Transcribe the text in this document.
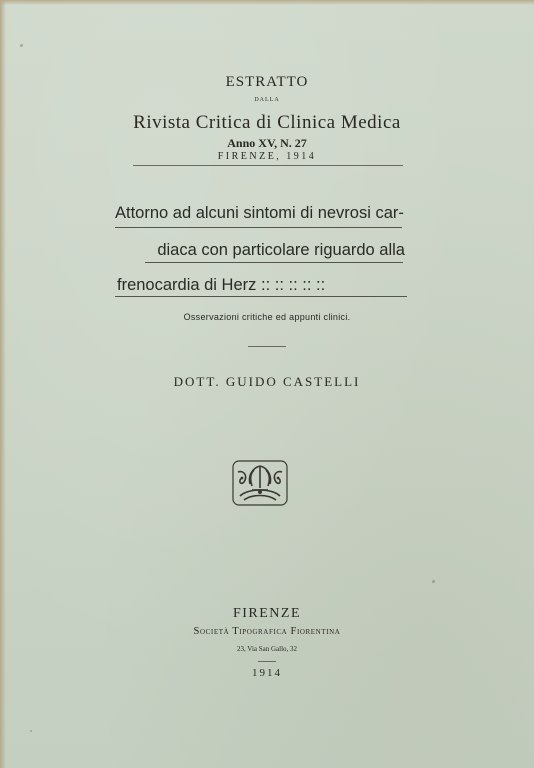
ESTRATTO
DALLA
Rivista Critica di Clinica Medica
Anno XV, N. 27
FIRENZE, 1914
Attorno ad alcuni sintomi di nevrosi car-
diaca con particolare riguardo alla
frenocardia di Herz :: :: :: :: ::
Osservazioni critiche ed appunti clinici.
DOTT. GUIDO CASTELLI
FIRENZE
Società Tipografica Fiorentina
23, Via San Gallo, 32
1914
